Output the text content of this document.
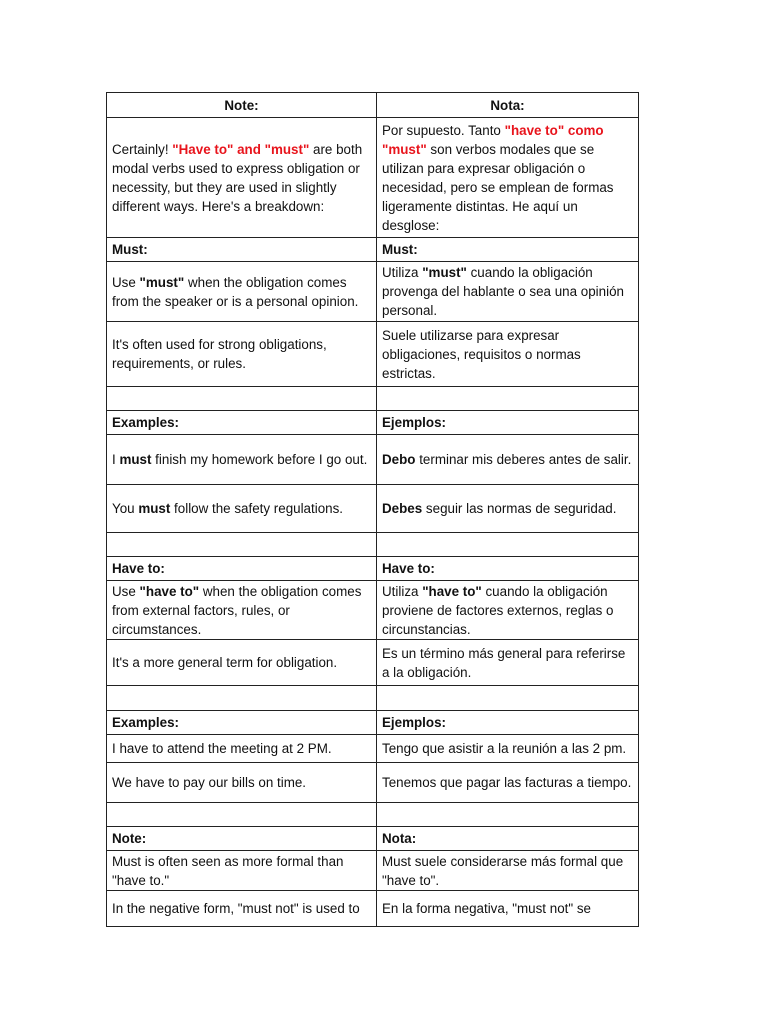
Note:	Nota:
Certainly! "Have to" and "must" are both modal verbs used to express obligation or necessity, but they are used in slightly different ways. Here's a breakdown:	Por supuesto. Tanto "have to" como "must" son verbos modales que se utilizan para expresar obligación o necesidad, pero se emplean de formas ligeramente distintas. He aquí un desglose:
Must:	Must:
Use "must" when the obligation comes from the speaker or is a personal opinion.	Utiliza "must" cuando la obligación provenga del hablante o sea una opinión personal.
It's often used for strong obligations, requirements, or rules.	Suele utilizarse para expresar obligaciones, requisitos o normas estrictas.

Examples:	Ejemplos:
I must finish my homework before I go out.	Debo terminar mis deberes antes de salir.
You must follow the safety regulations.	Debes seguir las normas de seguridad.

Have to:	Have to:
Use "have to" when the obligation comes from external factors, rules, or circumstances.	Utiliza "have to" cuando la obligación proviene de factores externos, reglas o circunstancias.
It's a more general term for obligation.	Es un término más general para referirse a la obligación.

Examples:	Ejemplos:
I have to attend the meeting at 2 PM.	Tengo que asistir a la reunión a las 2 pm.
We have to pay our bills on time.	Tenemos que pagar las facturas a tiempo.

Note:	Nota:
Must is often seen as more formal than "have to."	Must suele considerarse más formal que "have to".
In the negative form, "must not" is used to	En la forma negativa, "must not" se
